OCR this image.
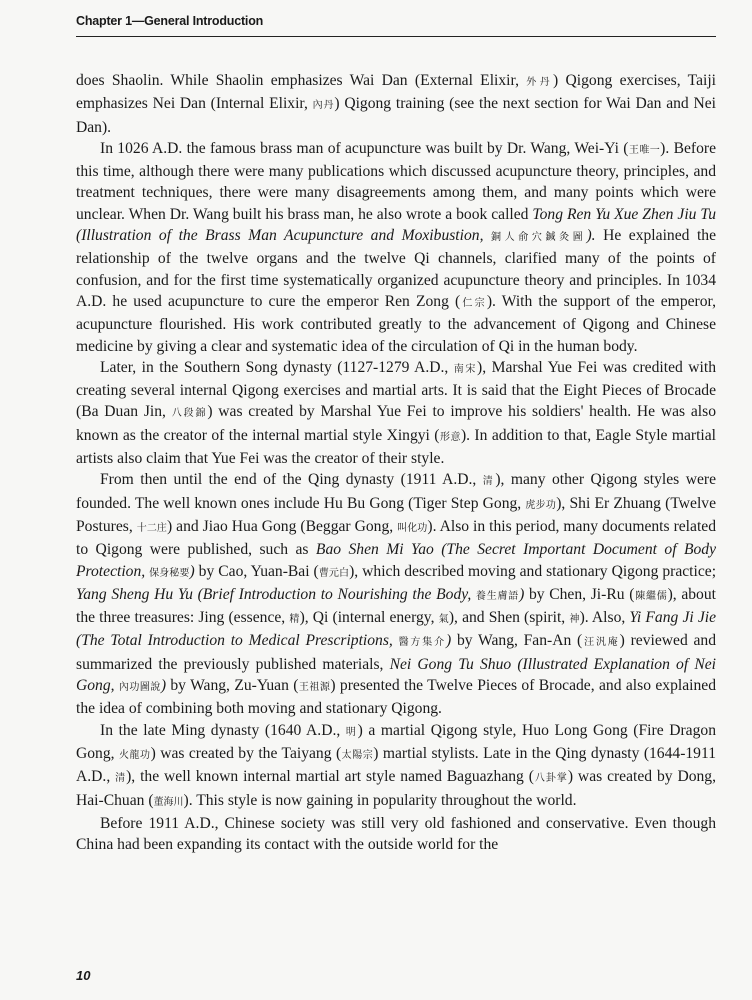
Chapter 1—General Introduction

does Shaolin. While Shaolin emphasizes Wai Dan (External Elixir, 外丹) Qigong exercises, Taiji emphasizes Nei Dan (Internal Elixir, 內丹) Qigong training (see the next section for Wai Dan and Nei Dan).

In 1026 A.D. the famous brass man of acupuncture was built by Dr. Wang, Wei-Yi (王唯一). Before this time, although there were many publications which discussed acupuncture theory, principles, and treatment techniques, there were many disagreements among them, and many points which were unclear. When Dr. Wang built his brass man, he also wrote a book called Tong Ren Yu Xue Zhen Jiu Tu (Illustration of the Brass Man Acupuncture and Moxibustion, 銅人俞穴鍼灸圖). He explained the relationship of the twelve organs and the twelve Qi channels, clarified many of the points of confusion, and for the first time systematically organized acupuncture theory and principles. In 1034 A.D. he used acupuncture to cure the emperor Ren Zong (仁宗). With the support of the emperor, acupuncture flourished. His work contributed greatly to the advancement of Qigong and Chinese medicine by giving a clear and systematic idea of the circulation of Qi in the human body.

Later, in the Southern Song dynasty (1127-1279 A.D., 南宋), Marshal Yue Fei was credited with creating several internal Qigong exercises and martial arts. It is said that the Eight Pieces of Brocade (Ba Duan Jin, 八段錦) was created by Marshal Yue Fei to improve his soldiers' health. He was also known as the creator of the internal martial style Xingyi (形意). In addition to that, Eagle Style martial artists also claim that Yue Fei was the creator of their style.

From then until the end of the Qing dynasty (1911 A.D., 清), many other Qigong styles were founded. The well known ones include Hu Bu Gong (Tiger Step Gong, 虎步功), Shi Er Zhuang (Twelve Postures, 十二庄) and Jiao Hua Gong (Beggar Gong, 叫化功). Also in this period, many documents related to Qigong were published, such as Bao Shen Mi Yao (The Secret Important Document of Body Protection, 保身秘要) by Cao, Yuan-Bai (曹元白), which described moving and stationary Qigong practice; Yang Sheng Hu Yu (Brief Introduction to Nourishing the Body, 養生膚語) by Chen, Ji-Ru (陳繼儒), about the three treasures: Jing (essence, 精), Qi (internal energy, 氣), and Shen (spirit, 神). Also, Yi Fang Ji Jie (The Total Introduction to Medical Prescriptions, 醫方集介) by Wang, Fan-An (汪汎庵) reviewed and summarized the previously published materials, Nei Gong Tu Shuo (Illustrated Explanation of Nei Gong, 內功圖說) by Wang, Zu-Yuan (王祖源) presented the Twelve Pieces of Brocade, and also explained the idea of combining both moving and stationary Qigong.

In the late Ming dynasty (1640 A.D., 明) a martial Qigong style, Huo Long Gong (Fire Dragon Gong, 火龍功) was created by the Taiyang (太陽宗) martial stylists. Late in the Qing dynasty (1644-1911 A.D., 清), the well known internal martial art style named Baguazhang (八卦掌) was created by Dong, Hai-Chuan (董海川). This style is now gaining in popularity throughout the world.

Before 1911 A.D., Chinese society was still very old fashioned and conservative. Even though China had been expanding its contact with the outside world for the

10
